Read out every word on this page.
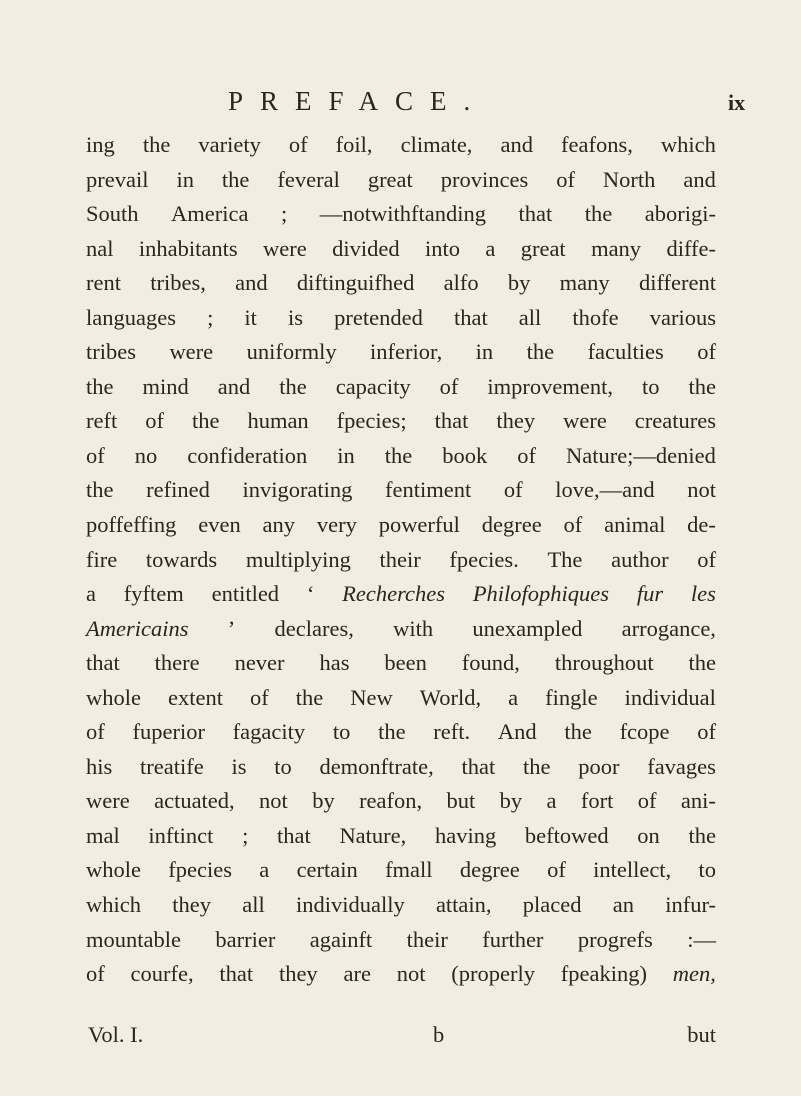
PREFACE.	ix
ing the variety of foil, climate, and feafons, which
prevail in the feveral great provinces of North and
South America ; —notwithftanding that the aborigi-
nal inhabitants were divided into a great many diffe-
rent tribes, and diftinguifhed alfo by many different
languages ; it is pretended that all thofe various
tribes were uniformly inferior, in the faculties of
the mind and the capacity of improvement, to the
reft of the human fpecies; that they were creatures
of no confideration in the book of Nature;—denied
the refined invigorating fentiment of love,—and not
poffeffing even any very powerful degree of animal de-
fire towards multiplying their fpecies. The author of
a fyftem entitled ‘ Recherches Philofophiques fur les
Americains ’ declares, with unexampled arrogance,
that there never has been found, throughout the
whole extent of the New World, a fingle individual
of fuperior fagacity to the reft. And the fcope of
his treatife is to demonftrate, that the poor favages
were actuated, not by reafon, but by a fort of ani-
mal inftinct ; that Nature, having beftowed on the
whole fpecies a certain fmall degree of intellect, to
which they all individually attain, placed an infur-
mountable barrier againft their further progrefs :—
of courfe, that they are not (properly fpeaking) men,
Vol. I.	b	but
